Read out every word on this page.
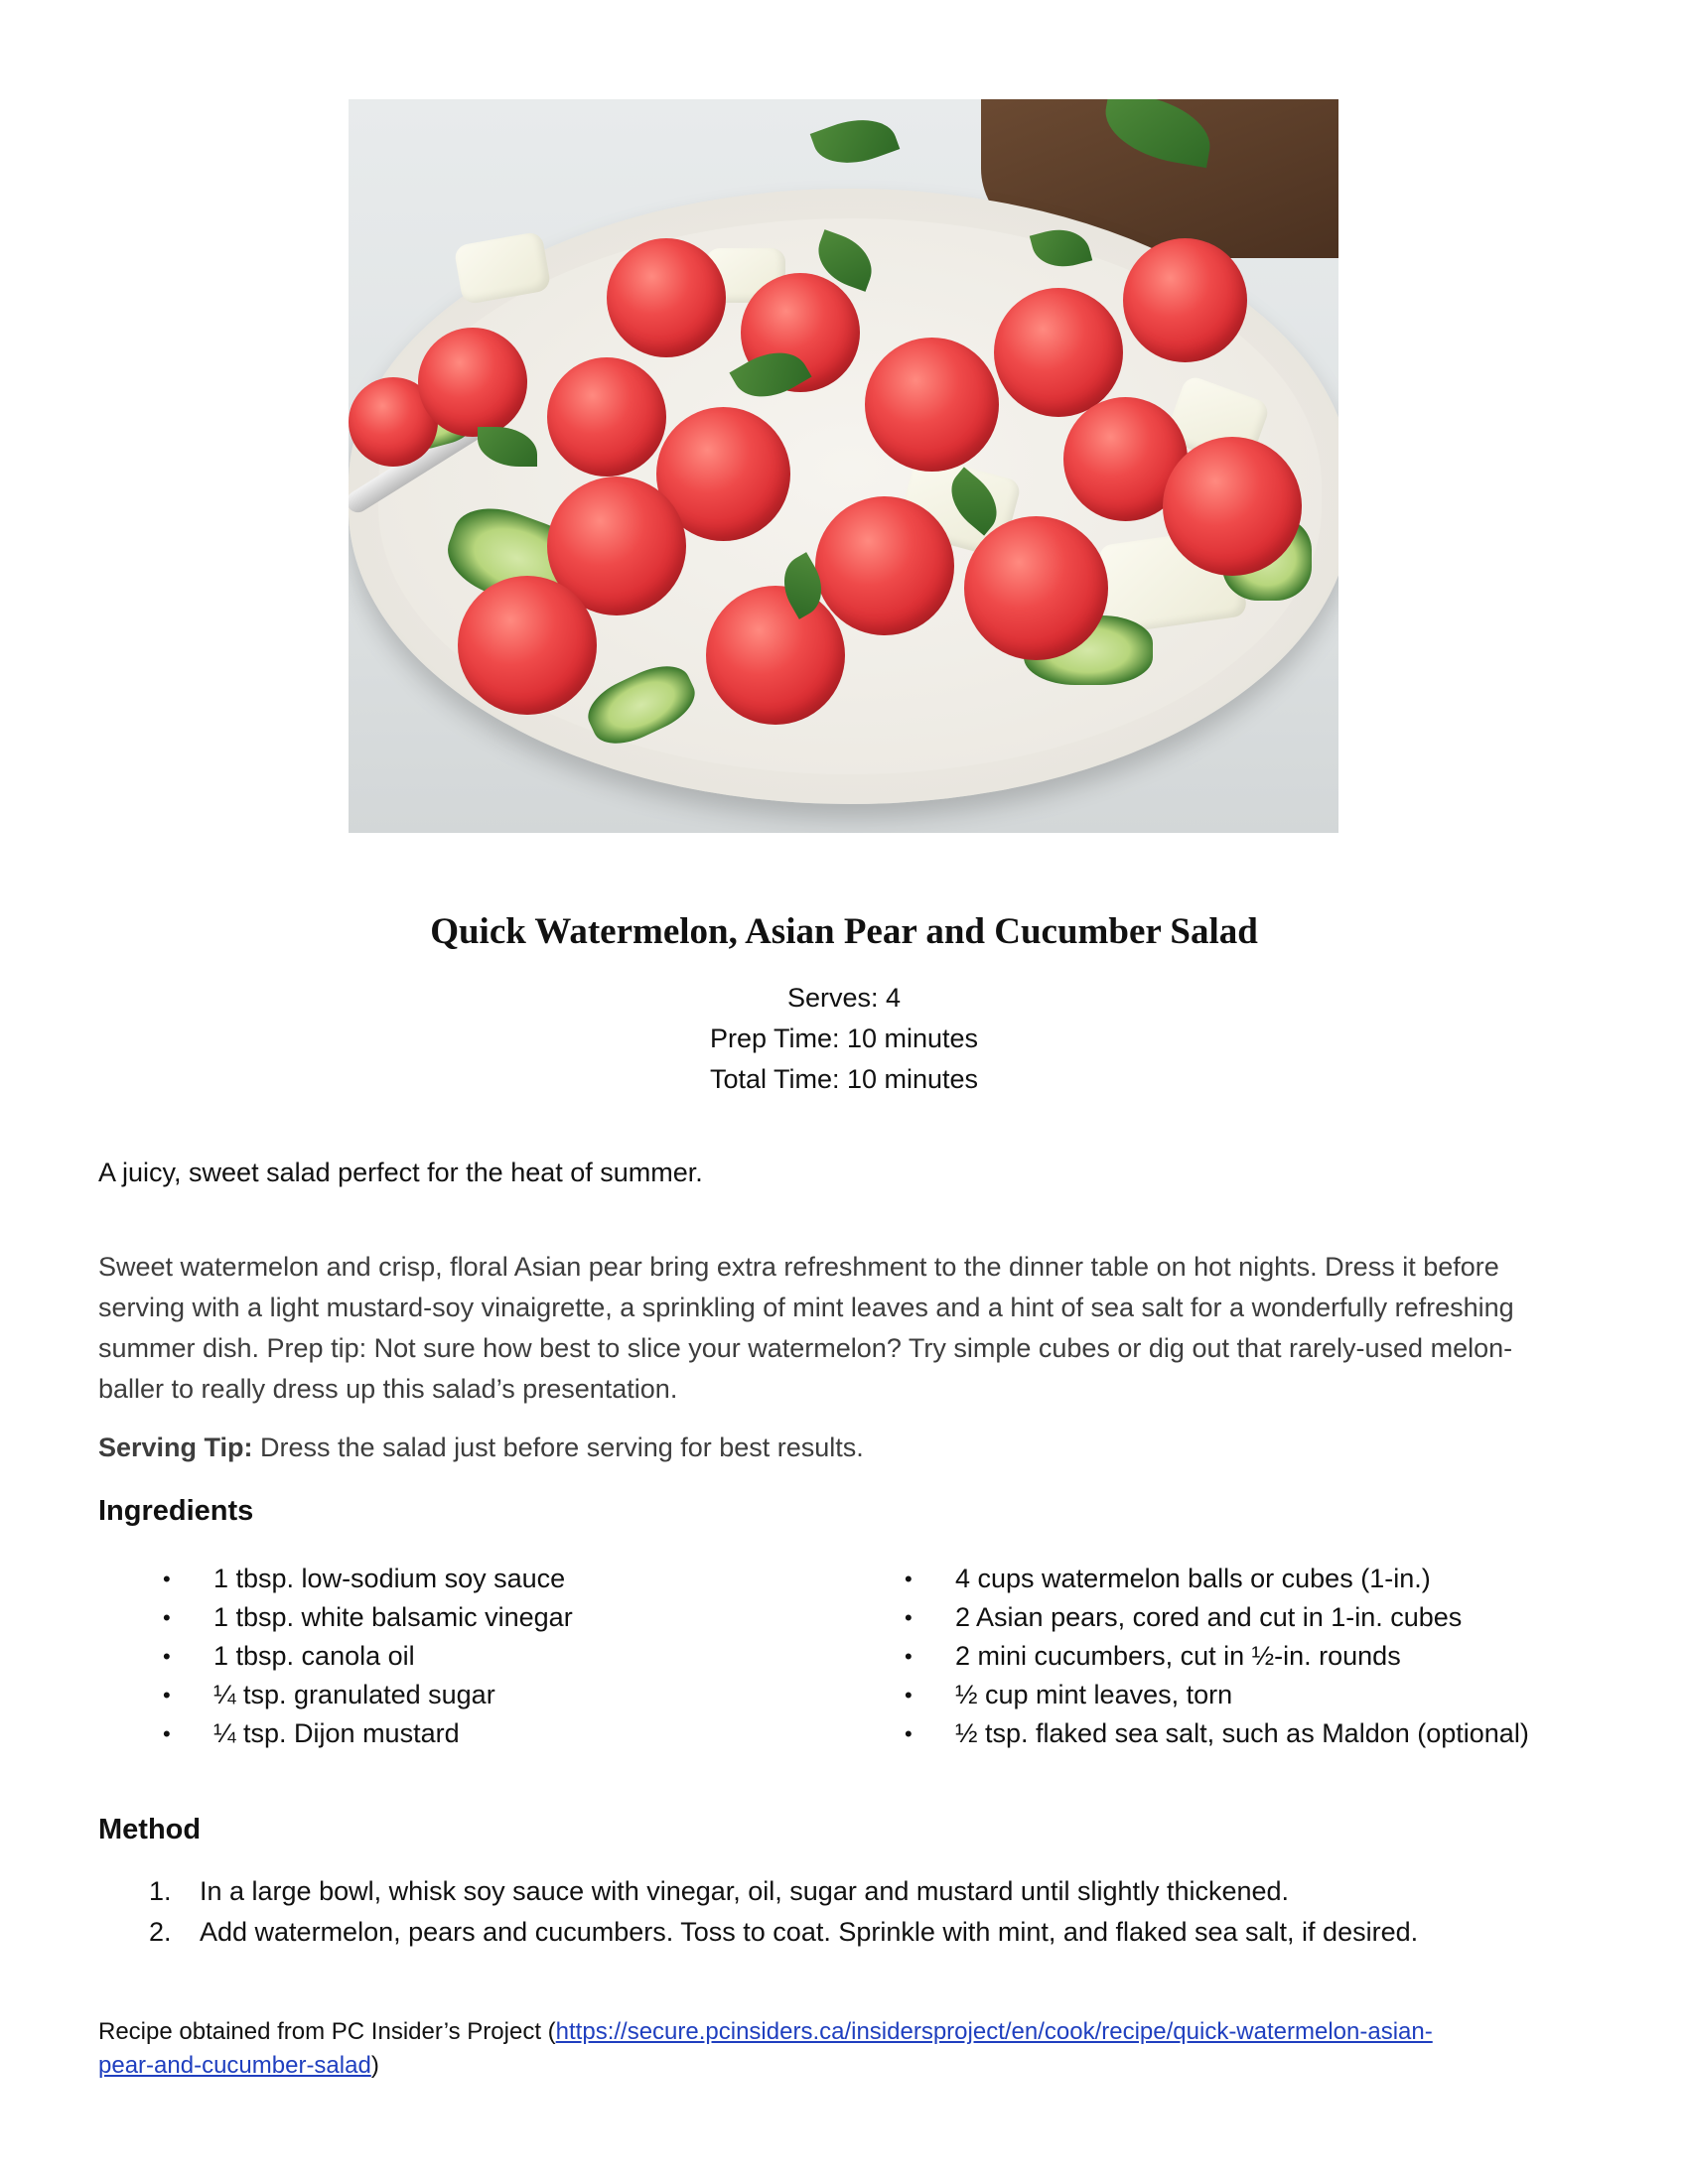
Quick Watermelon, Asian Pear and Cucumber Salad
Serves: 4
Prep Time: 10 minutes
Total Time: 10 minutes
A juicy, sweet salad perfect for the heat of summer.
Sweet watermelon and crisp, floral Asian pear bring extra refreshment to the dinner table on hot nights. Dress it before
serving with a light mustard-soy vinaigrette, a sprinkling of mint leaves and a hint of sea salt for a wonderfully refreshing
summer dish. Prep tip: Not sure how best to slice your watermelon? Try simple cubes or dig out that rarely-used melon-
baller to really dress up this salad’s presentation.
Serving Tip: Dress the salad just before serving for best results.
Ingredients
• 1 tbsp. low-sodium soy sauce
• 1 tbsp. white balsamic vinegar
• 1 tbsp. canola oil
• ¼ tsp. granulated sugar
• ¼ tsp. Dijon mustard
• 4 cups watermelon balls or cubes (1-in.)
• 2 Asian pears, cored and cut in 1-in. cubes
• 2 mini cucumbers, cut in ½-in. rounds
• ½ cup mint leaves, torn
• ½ tsp. flaked sea salt, such as Maldon (optional)
Method
1. In a large bowl, whisk soy sauce with vinegar, oil, sugar and mustard until slightly thickened.
2. Add watermelon, pears and cucumbers. Toss to coat. Sprinkle with mint, and flaked sea salt, if desired.
Recipe obtained from PC Insider’s Project (https://secure.pcinsiders.ca/insidersproject/en/cook/recipe/quick-watermelon-asian-
pear-and-cucumber-salad)
